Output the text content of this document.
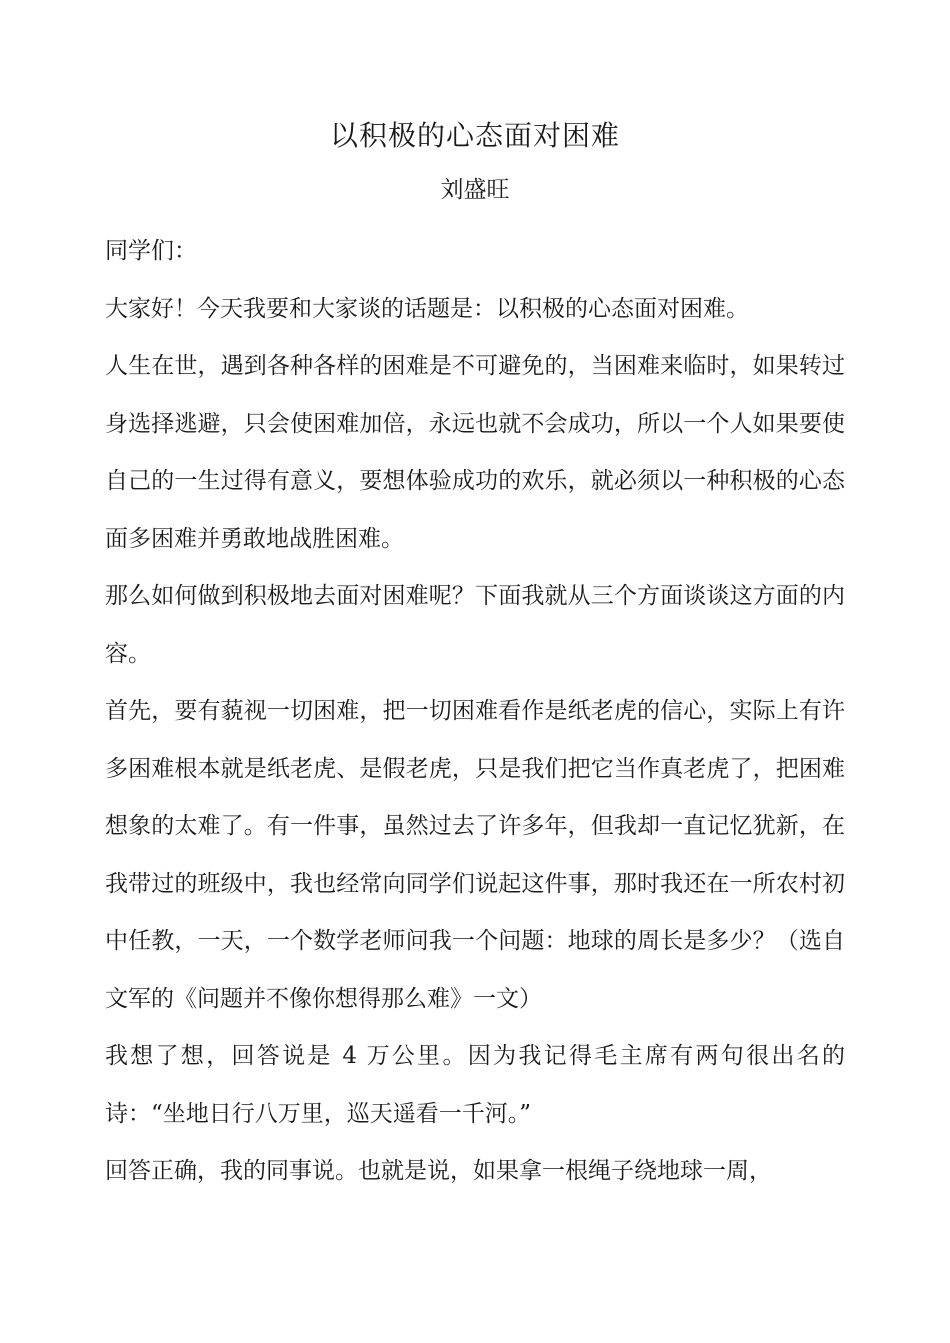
以积极的心态面对困难
刘盛旺

同学们：

大家好！今天我要和大家谈的话题是：以积极的心态面对困难。

人生在世，遇到各种各样的困难是不可避免的，当困难来临时，如果转过身选择逃避，只会使困难加倍，永远也就不会成功，所以一个人如果要使自己的一生过得有意义，要想体验成功的欢乐，就必须以一种积极的心态面多困难并勇敢地战胜困难。

那么如何做到积极地去面对困难呢？下面我就从三个方面谈谈这方面的内容。

首先，要有藐视一切困难，把一切困难看作是纸老虎的信心，实际上有许多困难根本就是纸老虎、是假老虎，只是我们把它当作真老虎了，把困难想象的太难了。有一件事，虽然过去了许多年，但我却一直记忆犹新，在我带过的班级中，我也经常向同学们说起这件事，那时我还在一所农村初中任教，一天，一个数学老师问我一个问题：地球的周长是多少？（选自文军的《问题并不像你想得那么难》一文）

我想了想，回答说是 4 万公里。因为我记得毛主席有两句很出名的诗：“坐地日行八万里，巡天遥看一千河。”

回答正确，我的同事说。也就是说，如果拿一根绳子绕地球一周，
